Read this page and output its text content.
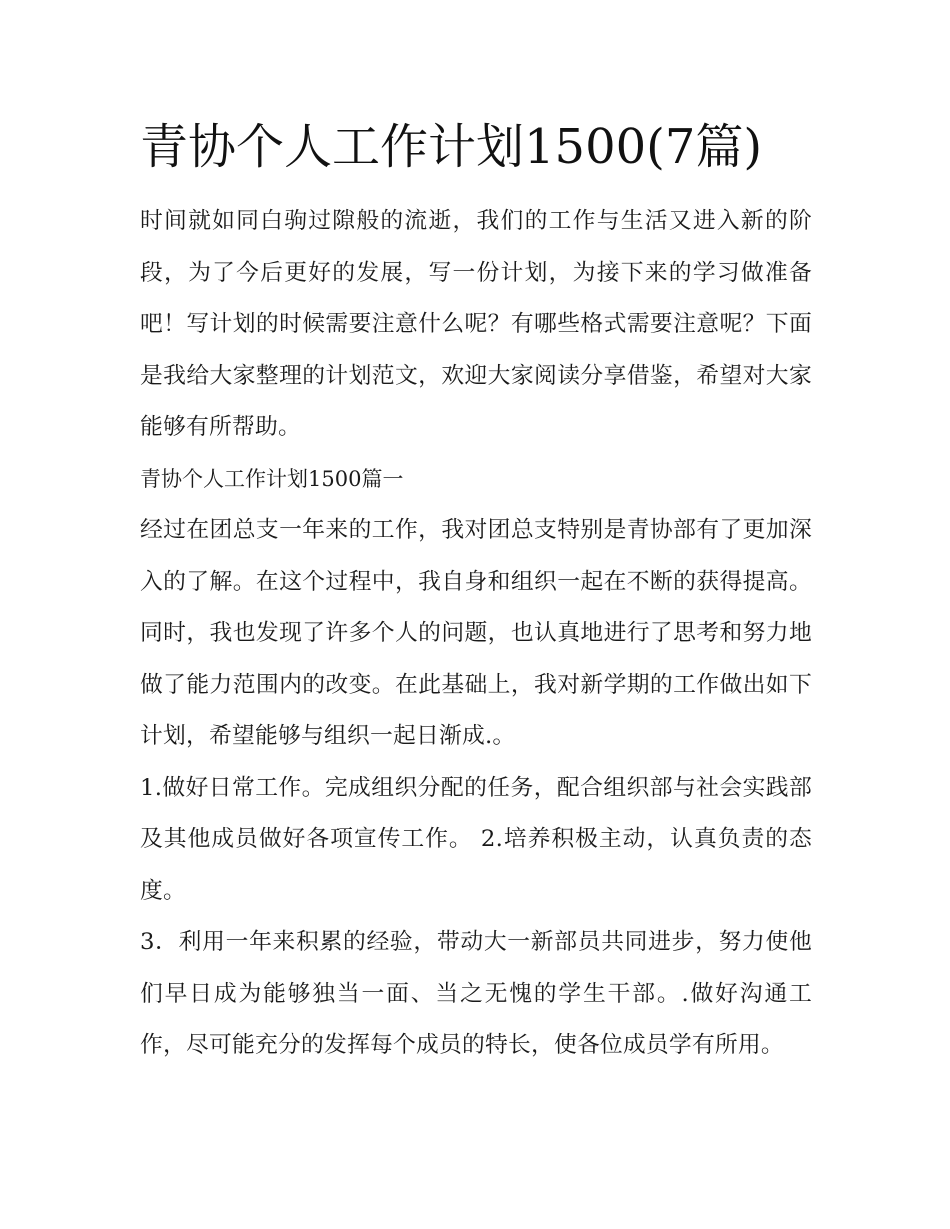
青协个人工作计划1500(7篇)

时间就如同白驹过隙般的流逝，我们的工作与生活又进入新的阶段，为了今后更好的发展，写一份计划，为接下来的学习做准备吧！写计划的时候需要注意什么呢？有哪些格式需要注意呢？下面是我给大家整理的计划范文，欢迎大家阅读分享借鉴，希望对大家能够有所帮助。

青协个人工作计划1500篇一

经过在团总支一年来的工作，我对团总支特别是青协部有了更加深入的了解。在这个过程中，我自身和组织一起在不断的获得提高。同时，我也发现了许多个人的问题，也认真地进行了思考和努力地做了能力范围内的改变。在此基础上，我对新学期的工作做出如下计划，希望能够与组织一起日渐成.。

1.做好日常工作。完成组织分配的任务，配合组织部与社会实践部及其他成员做好各项宣传工作。 2.培养积极主动，认真负责的态度。

3．利用一年来积累的经验，带动大一新部员共同进步，努力使他们早日成为能够独当一面、当之无愧的学生干部。.做好沟通工作，尽可能充分的发挥每个成员的特长，使各位成员学有所用。
